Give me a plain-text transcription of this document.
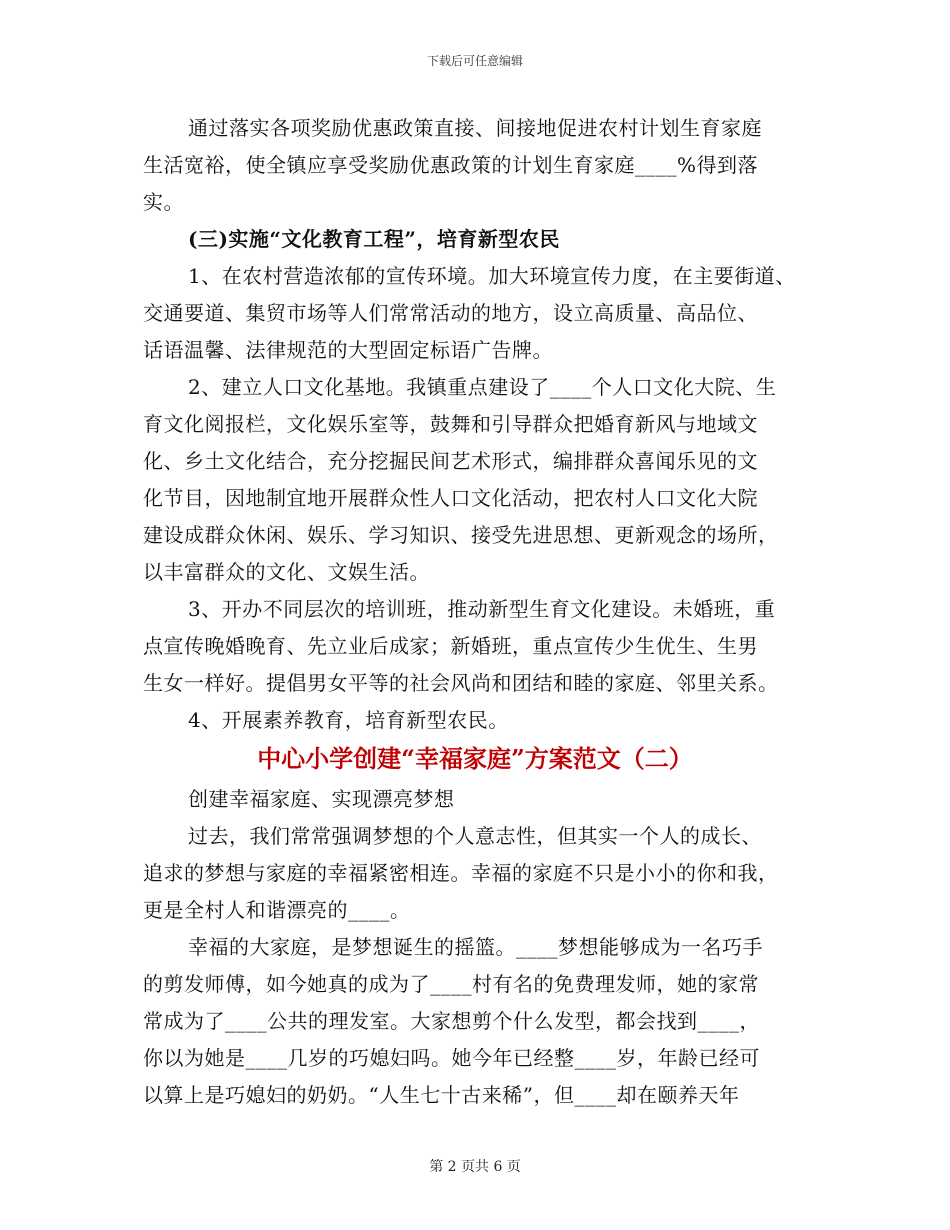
下载后可任意编辑
通过落实各项奖励优惠政策直接、间接地促进农村计划生育家庭
生活宽裕，使全镇应享受奖励优惠政策的计划生育家庭____%得到落
实。
(三)实施“文化教育工程”，培育新型农民
1、在农村营造浓郁的宣传环境。加大环境宣传力度，在主要街道、
交通要道、集贸市场等人们常常活动的地方，设立高质量、高品位、
话语温馨、法律规范的大型固定标语广告牌。
2、建立人口文化基地。我镇重点建设了____个人口文化大院、生
育文化阅报栏，文化娱乐室等，鼓舞和引导群众把婚育新风与地域文
化、乡土文化结合，充分挖掘民间艺术形式，编排群众喜闻乐见的文
化节目，因地制宜地开展群众性人口文化活动，把农村人口文化大院
建设成群众休闲、娱乐、学习知识、接受先进思想、更新观念的场所，
以丰富群众的文化、文娱生活。
3、开办不同层次的培训班，推动新型生育文化建设。未婚班，重
点宣传晚婚晚育、先立业后成家；新婚班，重点宣传少生优生、生男
生女一样好。提倡男女平等的社会风尚和团结和睦的家庭、邻里关系。
4、开展素养教育，培育新型农民。
中心小学创建“幸福家庭”方案范文（二）
创建幸福家庭、实现漂亮梦想
过去，我们常常强调梦想的个人意志性，但其实一个人的成长、
追求的梦想与家庭的幸福紧密相连。幸福的家庭不只是小小的你和我，
更是全村人和谐漂亮的____。
幸福的大家庭，是梦想诞生的摇篮。____梦想能够成为一名巧手
的剪发师傅，如今她真的成为了____村有名的免费理发师，她的家常
常成为了____公共的理发室。大家想剪个什么发型，都会找到____，
你以为她是____几岁的巧媳妇吗。她今年已经整____岁，年龄已经可
以算上是巧媳妇的奶奶。“人生七十古来稀”，但____却在颐养天年
第 2 页共 6 页
